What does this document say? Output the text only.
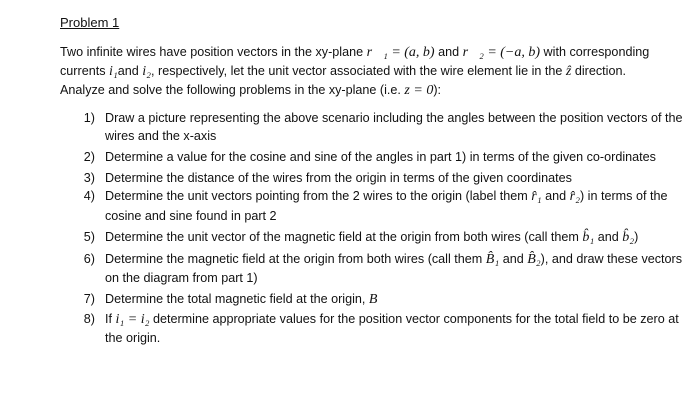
Problem 1

Two infinite wires have position vectors in the xy-plane r⃗₁ = (a, b) and r⃗₂ = (−a, b) with corresponding currents i₁and i₂, respectively, let the unit vector associated with the wire element lie in the ẑ direction. Analyze and solve the following problems in the xy-plane (i.e. z = 0):

1) Draw a picture representing the above scenario including the angles between the position vectors of the wires and the x-axis
2) Determine a value for the cosine and sine of the angles in part 1) in terms of the given co-ordinates
3) Determine the distance of the wires from the origin in terms of the given coordinates
4) Determine the unit vectors pointing from the 2 wires to the origin (label them r̂₁ and r̂₂) in terms of the cosine and sine found in part 2
5) Determine the unit vector of the magnetic field at the origin from both wires (call them b̂₁ and b̂₂)
6) Determine the magnetic field at the origin from both wires (call them B̂₁ and B̂₂), and draw these vectors on the diagram from part 1)
7) Determine the total magnetic field at the origin, B⃗
8) If i₁ = i₂ determine appropriate values for the position vector components for the total field to be zero at the origin.
